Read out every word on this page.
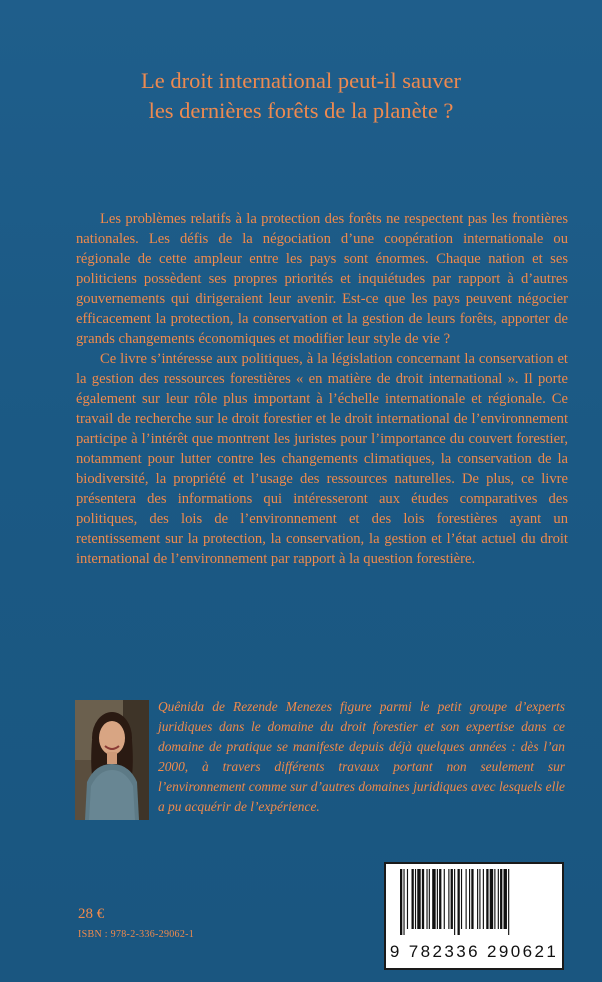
Le droit international peut-il sauver
les dernières forêts de la planète ?

Les problèmes relatifs à la protection des forêts ne respectent pas les frontières nationales. Les défis de la négociation d’une coopération internationale ou régionale de cette ampleur entre les pays sont énormes. Chaque nation et ses politiciens possèdent ses propres priorités et inquiétudes par rapport à d’autres gouvernements qui dirigeraient leur avenir. Est-ce que les pays peuvent négocier efficacement la protection, la conservation et la gestion de leurs forêts, apporter de grands changements économiques et modifier leur style de vie ?

Ce livre s’intéresse aux politiques, à la législation concernant la conservation et la gestion des ressources forestières « en matière de droit international ». Il porte également sur leur rôle plus important à l’échelle internationale et régionale. Ce travail de recherche sur le droit forestier et le droit international de l’environnement participe à l’intérêt que montrent les juristes pour l’importance du couvert forestier, notamment pour lutter contre les changements climatiques, la conservation de la biodiversité, la propriété et l’usage des ressources naturelles. De plus, ce livre présentera des informations qui intéresseront aux études comparatives des politiques, des lois de l’environnement et des lois forestières ayant un retentissement sur la protection, la conservation, la gestion et l’état actuel du droit international de l’environnement par rapport à la question forestière.

Quênida de Rezende Menezes figure parmi le petit groupe d’experts juridiques dans le domaine du droit forestier et son expertise dans ce domaine de pratique se manifeste depuis déjà quelques années : dès l’an 2000, à travers différents travaux portant non seulement sur l’environnement comme sur d’autres domaines juridiques avec lesquels elle a pu acquérir de l’expérience.
28 €
ISBN : 978-2-336-29062-1
9 782336 290621
